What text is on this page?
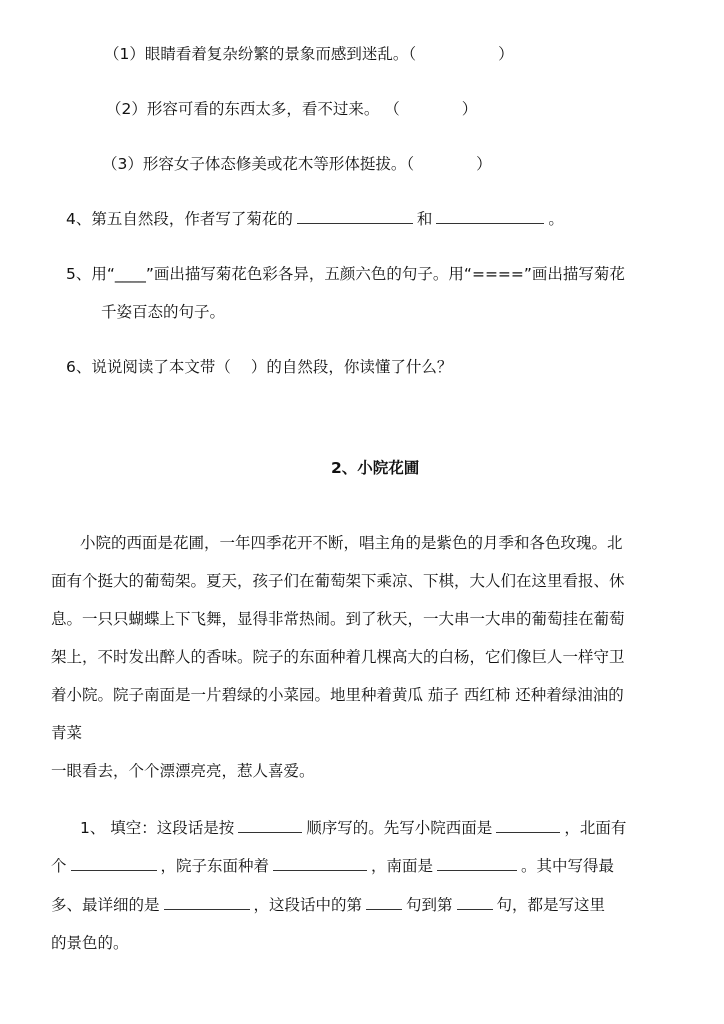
（1）眼睛看着复杂纷繁的景象而感到迷乱。（	）
（2）形容可看的东西太多，看不过来。 （	）
（3）形容女子体态修美或花木等形体挺拔。（	）
4、第五自然段，作者写了菊花的	和	。
5、用“____”画出描写菊花色彩各异，五颜六色的句子。用“====”画出描写菊花
千姿百态的句子。
6、说说阅读了本文带（ ）的自然段，你读懂了什么？
2、小院花圃
小院的西面是花圃，一年四季花开不断，唱主角的是紫色的月季和各色玫瑰。北
面有个挺大的葡萄架。夏天，孩子们在葡萄架下乘凉、下棋，大人们在这里看报、休
息。一只只蝴蝶上下飞舞，显得非常热闹。到了秋天，一大串一大串的葡萄挂在葡萄
架上，不时发出醉人的香味。院子的东面种着几棵高大的白杨，它们像巨人一样守卫
着小院。院子南面是一片碧绿的小菜园。地里种着黄瓜 茄子 西红柿 还种着绿油油的
青菜
一眼看去，个个漂漂亮亮，惹人喜爱。
1、 填空：这段话是按	顺序写的。先写小院西面是	，北面有
个	，院子东面种着	，南面是	。其中写得最
多、最详细的是	，这段话中的第	句到第	句，都是写这里
的景色的。
